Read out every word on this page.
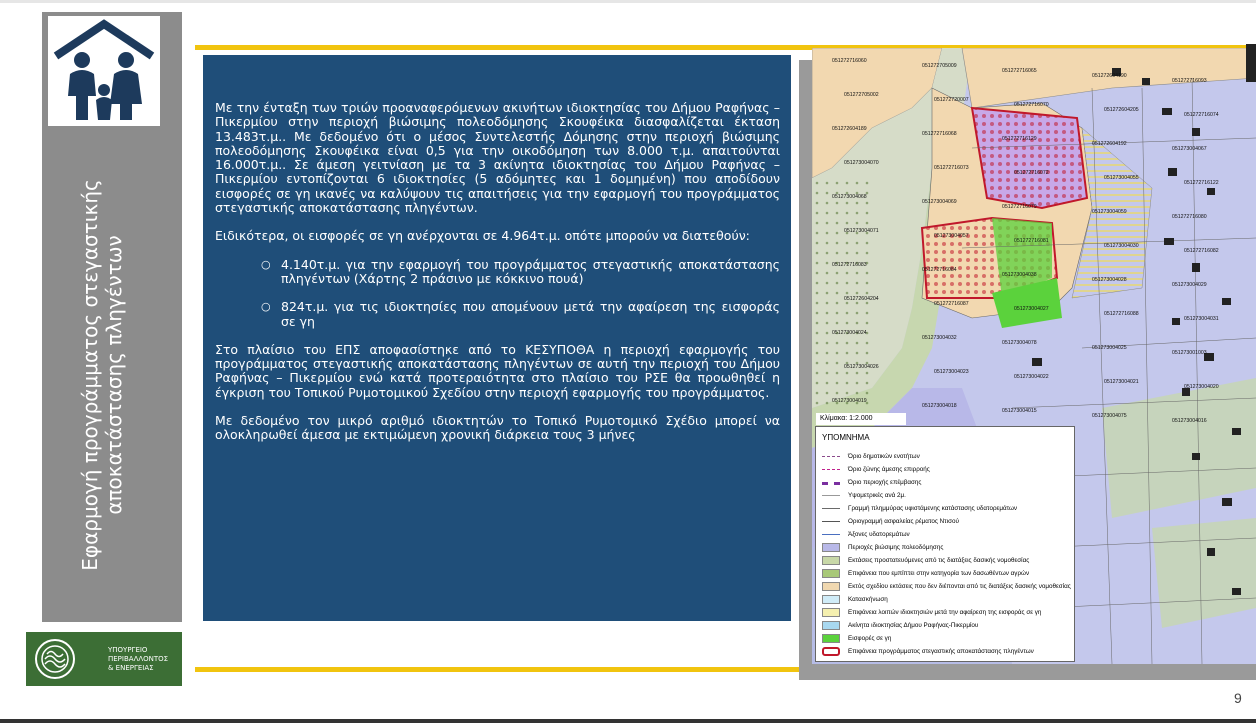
Εφαρμογή προγράμματος στεγαστικής αποκατάστασης πληγέντων
ΥΠΟΥΡΓΕΙΟ
ΠΕΡΙΒΑΛΛΟΝΤΟΣ
& ΕΝΕΡΓΕΙΑΣ

Με την ένταξη των τριών προαναφερόμενων ακινήτων ιδιοκτησίας του Δήμου Ραφήνας – Πικερμίου στην περιοχή βιώσιμης πολεοδόμησης Σκουφέικα διασφαλίζεται έκταση 13.483τ.μ.. Με δεδομένο ότι ο μέσος Συντελεστής Δόμησης στην περιοχή βιώσιμης πολεοδόμησης Σκουφέικα είναι 0,5 για την οικοδόμηση των 8.000 τ.μ. απαιτούνται 16.000τ.μ.. Σε άμεση γειτνίαση με τα 3 ακίνητα ιδιοκτησίας του Δήμου Ραφήνας – Πικερμίου εντοπίζονται 6 ιδιοκτησίες (5 αδόμητες και 1 δομημένη) που αποδίδουν εισφορές σε γη ικανές να καλύψουν τις απαιτήσεις για την εφαρμογή του προγράμματος στεγαστικής αποκατάστασης πληγέντων.

Ειδικότερα, οι εισφορές σε γη ανέρχονται σε 4.964τ.μ. οπότε μπορούν να διατεθούν:

○ 4.140τ.μ. για την εφαρμογή του προγράμματος στεγαστικής αποκατάστασης πληγέντων (Χάρτης 2 πράσινο με κόκκινο πουά)
○ 824τ.μ. για τις ιδιοκτησίες που απομένουν μετά την αφαίρεση της εισφοράς σε γη

Στο πλαίσιο του ΕΠΣ αποφασίστηκε από το ΚΕΣΥΠΟΘΑ η περιοχή εφαρμογής του προγράμματος στεγαστικής αποκατάστασης πληγέντων σε αυτή την περιοχή του Δήμου Ραφήνας – Πικερμίου ενώ κατά προτεραιότητα στο πλαίσιο του ΡΣΕ θα προωθηθεί η έγκριση του Τοπικού Ρυμοτομικού Σχεδίου στην περιοχή εφαρμογής του προγράμματος.

Με δεδομένο τον μικρό αριθμό ιδιοκτητών το Τοπικό Ρυμοτομικό Σχέδιο μπορεί να ολοκληρωθεί άμεσα με εκτιμώμενη χρονική διάρκεια τους 3 μήνες

051272716060
051272705009
051272716065
051272604190
051272716093
051272705002
051272720007
051272716070
051272604205
051272716074
051272604189
051272716068
051272716129
051272604192
051273004067
051273004070
051272716073
051272716072
051273004055
051272716122
051273004068
051273004069
051272716079
051273004059
051272716080
051273004071
051273004057
051272716081
051273004030
051272716082
051272716083
051272716084
051273004038
051273004028
051273004029
051272604204
051272716087
051273004027
051272716088
051273004031
051273004024
051273004032
051273004078
051273004025
051273001003
051273004026
051273004023
051273004022
051273004021
051273004020
051273004019
051273004018
051273004015
051273004075
051273004016
Κλίμακα: 1:2.000
ΥΠΟΜΝΗΜΑ
Όριο δημοτικών ενοτήτων
Όριο ζώνης άμεσης επιρροής
Όριο περιοχής επέμβασης
Υψομετρικές ανά 2μ.
Γραμμή πλημμύρας υφιστάμενης κατάστασης υδατορεμάτων
Οριογραμμή ασφαλείας ρέματος Ντισού
Άξονες υδατορεμάτων
Περιοχές βιώσιμης πολεοδόμησης
Εκτάσεις προστατευόμενες από τις διατάξεις δασικής νομοθεσίας
Επιφάνεια που εμπίπτει στην κατηγορία των δασωθέντων αγρών
Εκτός σχεδίου εκτάσεις που δεν διέπονται από τις διατάξεις δασικής νομοθεσίας
Κατασκήνωση
Επιφάνεια λοιπών ιδιοκτησιών μετά την αφαίρεση της εισφοράς σε γη
Ακίνητα ιδιοκτησίας Δήμου Ραφήνας-Πικερμίου
Εισφορές σε γη
Επιφάνεια προγράμματος στεγαστικής αποκατάστασης πληγέντων
9
